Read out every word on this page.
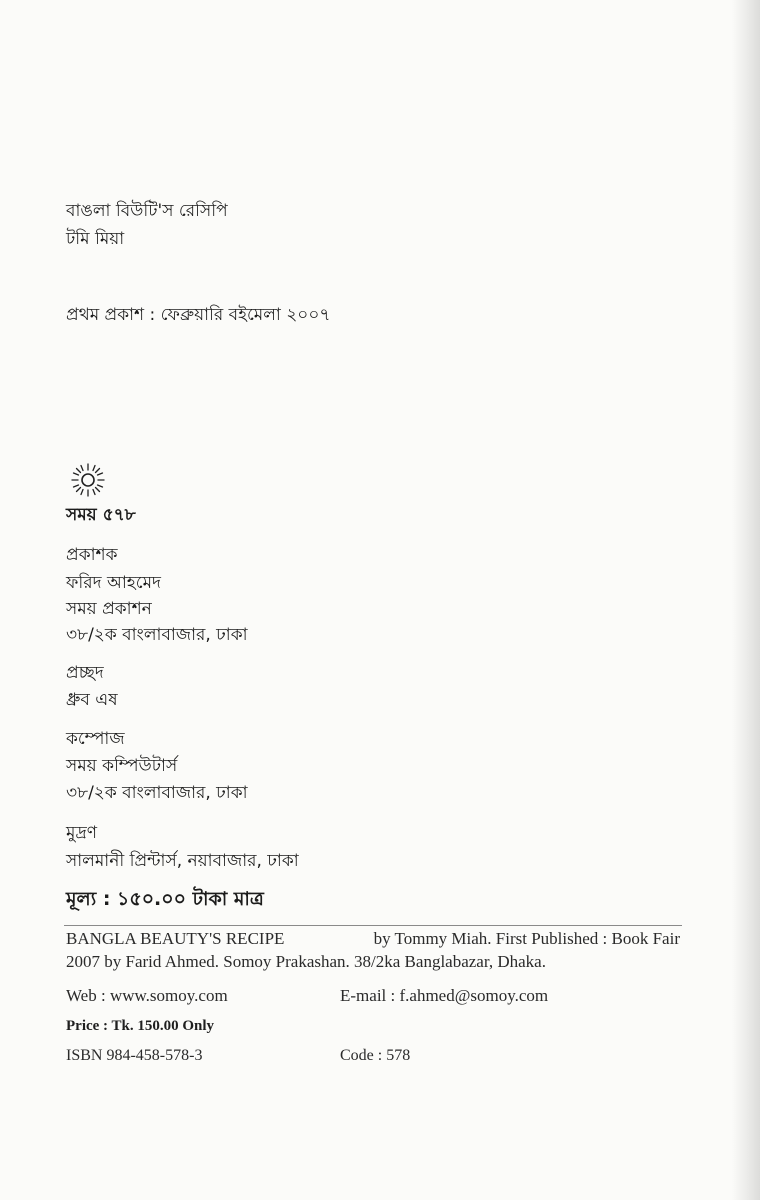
বাঙলা বিউটি'স রেসিপি
টমি মিয়া
প্রথম প্রকাশ : ফেব্রুয়ারি বইমেলা ২০০৭
সময় ৫৭৮
প্রকাশক
ফরিদ আহমেদ
সময় প্রকাশন
৩৮/২ক বাংলাবাজার, ঢাকা
প্রচ্ছদ
ধ্রুব এষ
কম্পোজ
সময় কম্পিউটার্স
৩৮/২ক বাংলাবাজার, ঢাকা
মুদ্রণ
সালমানী প্রিন্টার্স, নয়াবাজার, ঢাকা
মূল্য : ১৫০.০০ টাকা মাত্র
BANGLA BEAUTY'S RECIPE	by Tommy Miah. First Published : Book Fair
2007 by Farid Ahmed. Somoy Prakashan. 38/2ka Banglabazar, Dhaka.
Web : www.somoy.com	E-mail : f.ahmed@somoy.com
Price : Tk. 150.00 Only
ISBN 984-458-578-3	Code : 578
